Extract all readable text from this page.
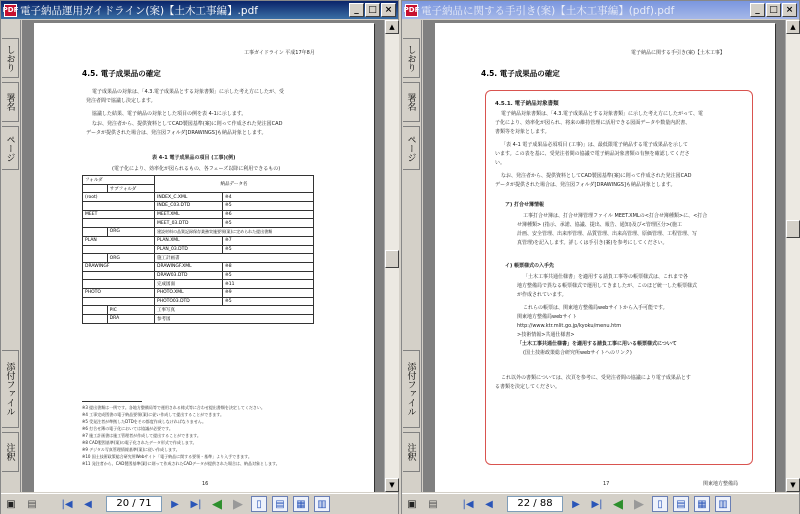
PDF 電子納品運用ガイドライン(案)【土木工事編】.pdf	_	□ ×
しおり
署名
ページ
添付ファイル
注釈
工事ガイドライン 平成17年8月
4.5. 電子成果品の確定
電子成果品の対象は、「4.3.電子成果品とする対象書類」に示した考え方にしたが、受
発注者間で協議し決定します。
協議した結果、電子納品の対象とした項目の例を表 4-1に示します。
なお、発注者から、提供資料としてCAD製図基準(案)に則って作成された発注図CAD
データが提供された場合は、発注図フォルダ[DRAWINGS]も納品対象とします。
表 4-1 電子成果品の項目 (工事)(例)
(電子化により、効率化が図られるもの、各フェーズ以降に利用できるもの)
フォルダ		納品データ名	
	サブフォルダ		
(root)		INDEX_C.XML	※4
		INDE_C03.DTD	※5
MEET		MEET.XML	※6
		MEET_03.DTD	※5
	ORG	建設材料の品質記録保存業務実施要領(案)に定められた提出書類	
PLAN		PLAN.XML	※7
		PLAN_03.DTD	※5
	ORG	施工計画書	
DRAWINGF		DRAWINGF.XML	※8
		DRAW03.DTD	※5
		完成図面	※11
PHOTO		PHOTO.XML	※9
		PHOTO03.DTD	※5
	PIC	工事写真	
	DRA	参考図	
※3 提出書類は一例です。各地方整備局等で運用される様式等に合わせ提出書類を決定してください。
※4 工事完成図書の電子納品要領(案)に従い作成して提出することができます。
※5 受発注者が準拠したDTDをその都度作成しなければなりません。
※6 打合せ簿の電子化においては協議が必要です。
※7 施工計画書は施工管理者が作成して提出することができます。
※8 CAD製図基準(案)の電子化されたデータ形式で作成します。
※9 デジタル写真管理情報基準(案)に従い作成します。
※10 国土技術政策総合研究所Webサイト「電子納品に関する要領・基準」より入手できます。
※11 発注者から、CAD製図基準(案)に則って作成されたCADデータが提供された場合は、納品対象とします。
16
▲
▼
▣	▤	|◀	◀	20 / 71	▶	▶| ◀ ▶	▯	▤	▦	▥
PDF 電子納品に関する手引き(案)【土木工事編】(pdf).pdf	_	□ ×
しおり
署名
ページ
添付ファイル
注釈
電子納品に関する手引き(案)【土木工事】
4.5. 電子成果品の確定
4.5.1. 電子納品対象書類
電子納品対象書類は、「4.3.電子成果品とする対象書類」に示した考え方にしたがって、電
子化により、効率化が図られ、将来の維持管理に活用できる図面データや数量内訳書、
書類等を対象とします。
「表 4-1 電子成果品必須項目 (工事)」は、最低限電子納品する電子成果品を示して
います。この表を基に、受発注者間の協議で電子納品対象書類の有無を確認してくださ
い。
なお、発注者から、提供資料としてCAD製図基準(案)に則って作成された発注図CAD
データが提供された場合は、発注図フォルダ[DRAWINGS]も納品対象とします。
ア) 打合せ簿情報
工事打合せ簿は、打合せ簿管理ファイル MEET.XMLの<打合せ簿種類>に、<打合
せ簿種類> (指示、承諾、協議、提出、報告、通知)及び<管理区分>(施工
計画、安全管理、出来形管理、品質管理、出来高管理、原価管理、工程管理、写
真管理)を記入します。詳しくは手引き(案)を参考にしてください。
イ) 帳票様式の入手先
「土木工事共通仕様書」を適用する請負工事等の帳票様式は、これまで各
地方整備局で異なる帳票様式で運用してきましたが、このほど統一した帳票様式
が作成されています。
これらの帳票は、関東地方整備局webサイトから入手可能です。
関東地方整備局webサイト
http://www.ktr.mlit.go.jp/kyoku/menu.htm
>技術情報>共通仕様書>
「土木工事共通仕様書」を適用する請負工事に用いる帳票様式について
(国土技術政策総合研究所webサイトへのリンク)
これ以外の書類については、次頁を参考に、受発注者間の協議により電子成果品とす
る書類を決定してください。
17	関東地方整備局
▲
▼
▣	▤	|◀	◀	22 / 88	▶	▶| ◀ ▶	▯	▤	▦	▥
